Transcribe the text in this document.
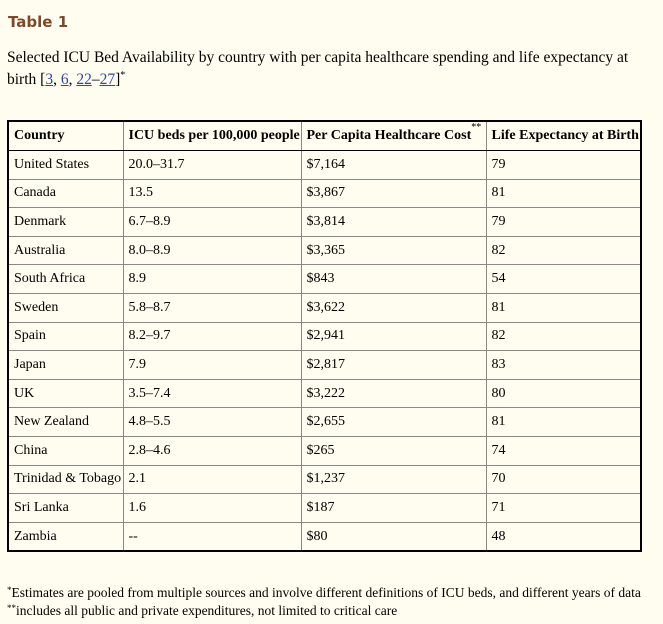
Table 1
Selected ICU Bed Availability by country with per capita healthcare spending and life expectancy at birth [3, 6, 22–27]*
Country	ICU beds per 100,000 people	Per Capita Healthcare Cost**	Life Expectancy at Birth
United States	20.0–31.7	$7,164	79
Canada	13.5	$3,867	81
Denmark	6.7–8.9	$3,814	79
Australia	8.0–8.9	$3,365	82
South Africa	8.9	$843	54
Sweden	5.8–8.7	$3,622	81
Spain	8.2–9.7	$2,941	82
Japan	7.9	$2,817	83
UK	3.5–7.4	$3,222	80
New Zealand	4.8–5.5	$2,655	81
China	2.8–4.6	$265	74
Trinidad & Tobago	2.1	$1,237	70
Sri Lanka	1.6	$187	71
Zambia	--	$80	48
*Estimates are pooled from multiple sources and involve different definitions of ICU beds, and different years of data
**includes all public and private expenditures, not limited to critical care
